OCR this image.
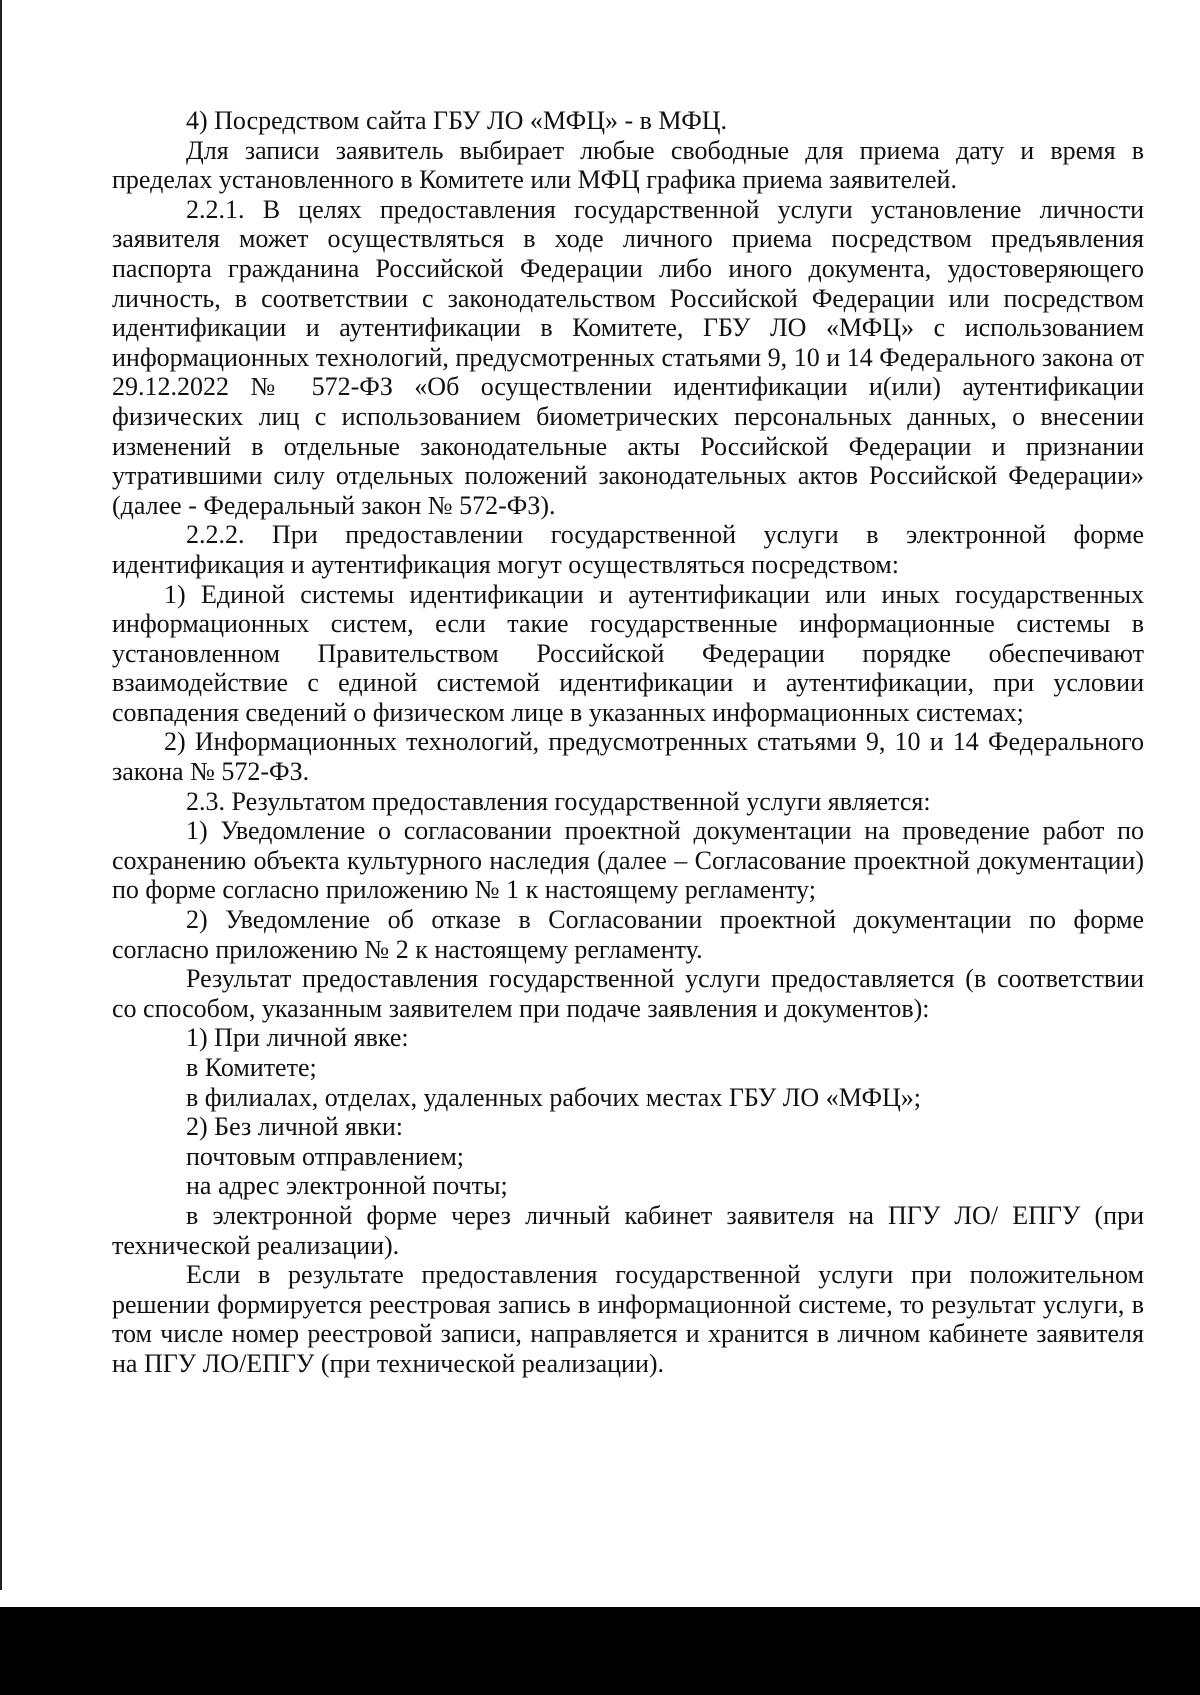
4) Посредством сайта ГБУ ЛО «МФЦ» - в МФЦ.

Для записи заявитель выбирает любые свободные для приема дату и время в пределах установленного в Комитете или МФЦ графика приема заявителей.

2.2.1. В целях предоставления государственной услуги установление личности заявителя может осуществляться в ходе личного приема посредством предъявления паспорта гражданина Российской Федерации либо иного документа, удостоверяющего личность, в соответствии с законодательством Российской Федерации или посредством идентификации и аутентификации в Комитете, ГБУ ЛО «МФЦ» с использованием информационных технологий, предусмотренных статьями 9, 10 и 14 Федерального закона от 29.12.2022 № 572-ФЗ «Об осуществлении идентификации и(или) аутентификации физических лиц с использованием биометрических персональных данных, о внесении изменений в отдельные законодательные акты Российской Федерации и признании утратившими силу отдельных положений законодательных актов Российской Федерации» (далее - Федеральный закон № 572-ФЗ).

2.2.2. При предоставлении государственной услуги в электронной форме идентификация и аутентификация могут осуществляться посредством:

1) Единой системы идентификации и аутентификации или иных государственных информационных систем, если такие государственные информационные системы в установленном Правительством Российской Федерации порядке обеспечивают взаимодействие с единой системой идентификации и аутентификации, при условии совпадения сведений о физическом лице в указанных информационных системах;

2) Информационных технологий, предусмотренных статьями 9, 10 и 14 Федерального закона № 572-ФЗ.

2.3. Результатом предоставления государственной услуги является:

1) Уведомление о согласовании проектной документации на проведение работ по сохранению объекта культурного наследия (далее – Согласование проектной документации) по форме согласно приложению № 1 к настоящему регламенту;

2) Уведомление об отказе в Согласовании проектной документации по форме согласно приложению № 2 к настоящему регламенту.

Результат предоставления государственной услуги предоставляется (в соответствии со способом, указанным заявителем при подаче заявления и документов):

1) При личной явке:

в Комитете;

в филиалах, отделах, удаленных рабочих местах ГБУ ЛО «МФЦ»;

2) Без личной явки:

почтовым отправлением;

на адрес электронной почты;

в электронной форме через личный кабинет заявителя на ПГУ ЛО/ ЕПГУ (при технической реализации).

Если в результате предоставления государственной услуги при положительном решении формируется реестровая запись в информационной системе, то результат услуги, в том числе номер реестровой записи, направляется и хранится в личном кабинете заявителя на ПГУ ЛО/ЕПГУ (при технической реализации).
